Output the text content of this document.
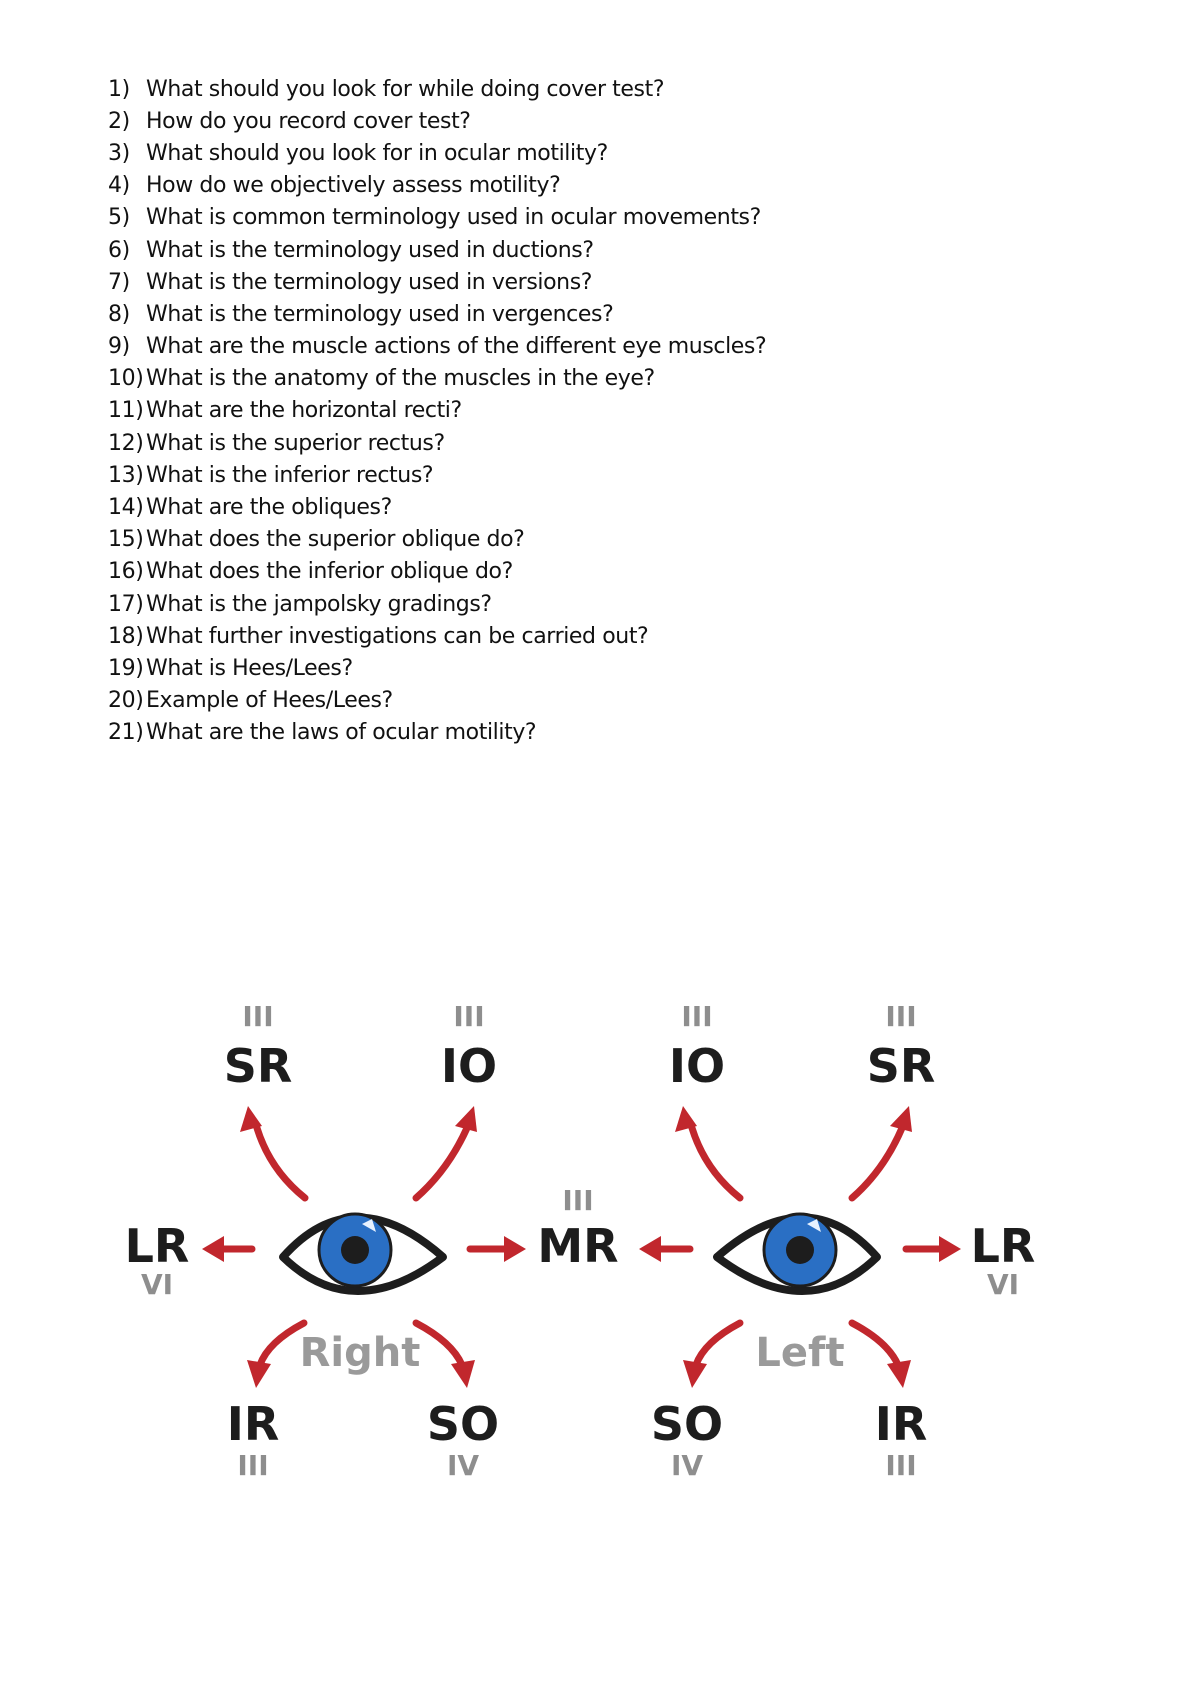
1) What should you look for while doing cover test?
2) How do you record cover test?
3) What should you look for in ocular motility?
4) How do we objectively assess motility?
5) What is common terminology used in ocular movements?
6) What is the terminology used in ductions?
7) What is the terminology used in versions?
8) What is the terminology used in vergences?
9) What are the muscle actions of the different eye muscles?
10) What is the anatomy of the muscles in the eye?
11) What are the horizontal recti?
12) What is the superior rectus?
13) What is the inferior rectus?
14) What are the obliques?
15) What does the superior oblique do?
16) What does the inferior oblique do?
17) What is the jampolsky gradings?
18) What further investigations can be carried out?
19) What is Hees/Lees?
20) Example of Hees/Lees?
21) What are the laws of ocular motility?
III
SR
III
IO
LR
VI
IR
III
SO
IV
Right
III
MR
III
IO
III
SR
LR
VI
SO
IV
IR
III
Left
